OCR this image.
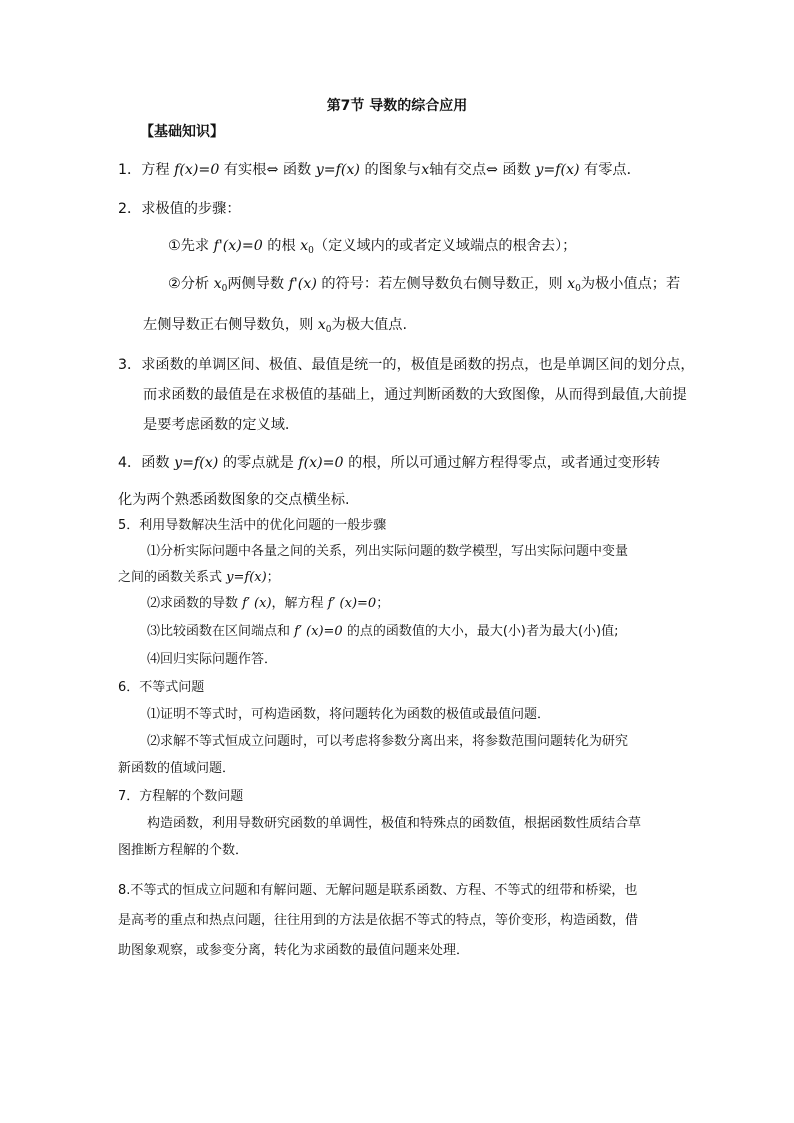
第7节 导数的综合应用
【基础知识】
1．方程 f(x)=0 有实根⇔ 函数 y=f(x) 的图象与x轴有交点⇔ 函数 y=f(x) 有零点．
2．求极值的步骤：
①先求 f'(x)=0 的根 $x_0$（定义域内的或者定义域端点的根舍去）；
②分析 $x_0$两侧导数 f'(x) 的符号：若左侧导数负右侧导数正，则 $x_0$为极小值点；若
左侧导数正右侧导数负，则 $x_0$为极大值点.
3．求函数的单调区间、极值、最值是统一的，极值是函数的拐点，也是单调区间的划分点，
而求函数的最值是在求极值的基础上，通过判断函数的大致图像，从而得到最值,大前提
是要考虑函数的定义域.
4．函数 y=f(x) 的零点就是 f(x)=0 的根，所以可通过解方程得零点，或者通过变形转
化为两个熟悉函数图象的交点横坐标.
5．利用导数解决生活中的优化问题的一般步骤
⑴分析实际问题中各量之间的关系，列出实际问题的数学模型，写出实际问题中变量
之间的函数关系式 y=f(x)；
⑵求函数的导数 f′ (x)，解方程 f′ (x)=0；
⑶比较函数在区间端点和 f′ (x)=0 的点的函数值的大小，最大(小)者为最大(小)值;
⑷回归实际问题作答．
6．不等式问题
⑴证明不等式时，可构造函数，将问题转化为函数的极值或最值问题．
⑵求解不等式恒成立问题时，可以考虑将参数分离出来，将参数范围问题转化为研究
新函数的值域问题．
7．方程解的个数问题
构造函数，利用导数研究函数的单调性，极值和特殊点的函数值，根据函数性质结合草
图推断方程解的个数．
8.不等式的恒成立问题和有解问题、无解问题是联系函数、方程、不等式的纽带和桥梁，也
是高考的重点和热点问题，往往用到的方法是依据不等式的特点，等价变形，构造函数，借
助图象观察，或参变分离，转化为求函数的最值问题来处理．
